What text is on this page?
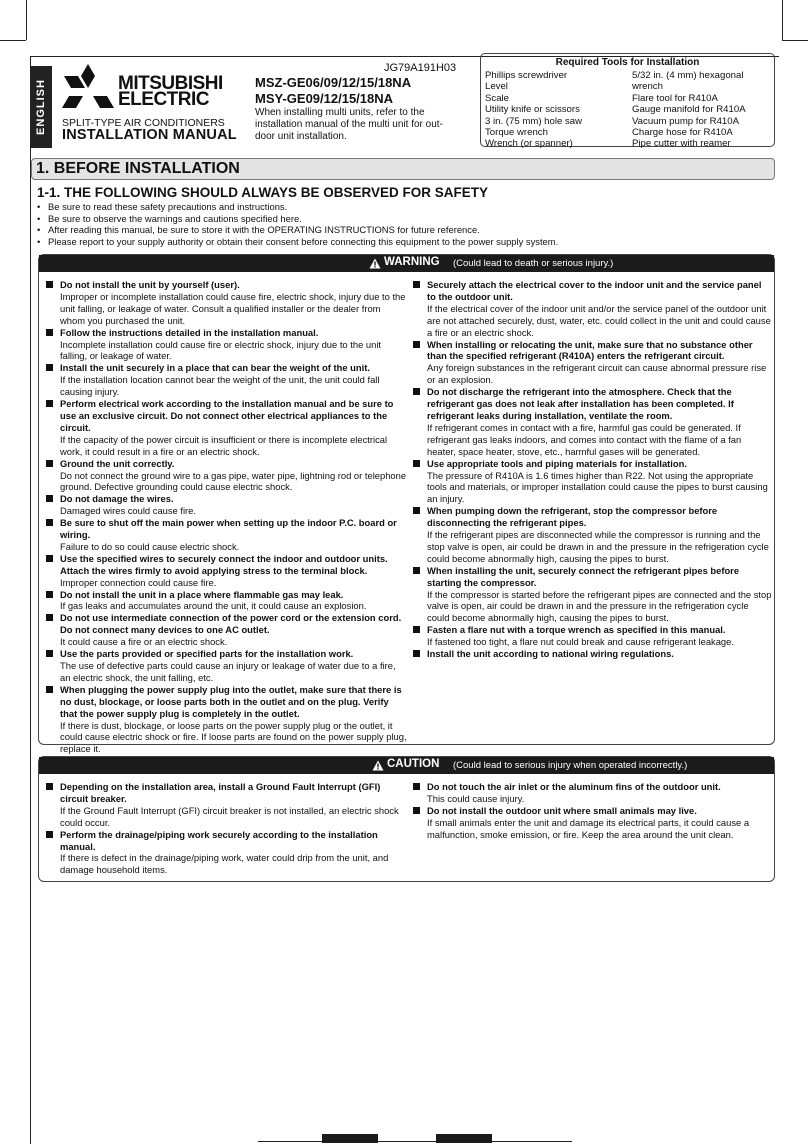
ENGLISH	MITSUBISHI
ELECTRIC
SPLIT-TYPE AIR CONDITIONERS
INSTALLATION MANUAL
JG79A191H03
MSZ-GE06/09/12/15/18NA
MSY-GE09/12/15/18NA
When installing multi units, refer to the installation manual of the multi unit for out-door unit installation.
Required Tools for Installation
Phillips screwdriver
Level
Scale
Utility knife or scissors
3 in. (75 mm) hole saw
Torque wrench
Wrench (or spanner)
5/32 in. (4 mm) hexagonal wrench
Flare tool for R410A
Gauge manifold for R410A
Vacuum pump for R410A
Charge hose for R410A
Pipe cutter with reamer
1. BEFORE INSTALLATION
1-1. THE FOLLOWING SHOULD ALWAYS BE OBSERVED FOR SAFETY
• Be sure to read these safety precautions and instructions.
• Be sure to observe the warnings and cautions specified here.
• After reading this manual, be sure to store it with the OPERATING INSTRUCTIONS for future reference.
• Please report to your supply authority or obtain their consent before connecting this equipment to the power supply system.
WARNING (Could lead to death or serious injury.)
Do not install the unit by yourself (user).
Improper or incomplete installation could cause fire, electric shock, injury due to the unit falling, or leakage of water. Consult a qualified installer or the dealer from whom you purchased the unit.
Follow the instructions detailed in the installation manual.
Incomplete installation could cause fire or electric shock, injury due to the unit falling, or leakage of water.
Install the unit securely in a place that can bear the weight of the unit.
If the installation location cannot bear the weight of the unit, the unit could fall causing injury.
Perform electrical work according to the installation manual and be sure to use an exclusive circuit. Do not connect other electrical appliances to the circuit.
If the capacity of the power circuit is insufficient or there is incomplete electrical work, it could result in a fire or an electric shock.
Ground the unit correctly.
Do not connect the ground wire to a gas pipe, water pipe, lightning rod or telephone ground. Defective grounding could cause electric shock.
Do not damage the wires.
Damaged wires could cause fire.
Be sure to shut off the main power when setting up the indoor P.C. board or wiring.
Failure to do so could cause electric shock.
Use the specified wires to securely connect the indoor and outdoor units. Attach the wires firmly to avoid applying stress to the terminal block.
Improper connection could cause fire.
Do not install the unit in a place where flammable gas may leak.
If gas leaks and accumulates around the unit, it could cause an explosion.
Do not use intermediate connection of the power cord or the extension cord. Do not connect many devices to one AC outlet.
It could cause a fire or an electric shock.
Use the parts provided or specified parts for the installation work.
The use of defective parts could cause an injury or leakage of water due to a fire, an electric shock, the unit falling, etc.
When plugging the power supply plug into the outlet, make sure that there is no dust, blockage, or loose parts both in the outlet and on the plug. Verify that the power supply plug is completely in the outlet.
If there is dust, blockage, or loose parts on the power supply plug or the outlet, it could cause electric shock or fire. If loose parts are found on the power supply plug, replace it.
Securely attach the electrical cover to the indoor unit and the service panel to the outdoor unit.
If the electrical cover of the indoor unit and/or the service panel of the outdoor unit are not attached securely, dust, water, etc. could collect in the unit and could cause a fire or an electric shock.
When installing or relocating the unit, make sure that no substance other than the specified refrigerant (R410A) enters the refrigerant circuit.
Any foreign substances in the refrigerant circuit can cause abnormal pressure rise or an explosion.
Do not discharge the refrigerant into the atmosphere. Check that the refrigerant gas does not leak after installation has been completed. If refrigerant leaks during installation, ventilate the room.
If refrigerant comes in contact with a fire, harmful gas could be generated. If refrigerant gas leaks indoors, and comes into contact with the flame of a fan heater, space heater, stove, etc., harmful gases will be generated.
Use appropriate tools and piping materials for installation.
The pressure of R410A is 1.6 times higher than R22. Not using the appropriate tools and materials, or improper installation could cause the pipes to burst causing an injury.
When pumping down the refrigerant, stop the compressor before disconnecting the refrigerant pipes.
If the refrigerant pipes are disconnected while the compressor is running and the stop valve is open, air could be drawn in and the pressure in the refrigeration cycle could become abnormally high, causing the pipes to burst.
When installing the unit, securely connect the refrigerant pipes before starting the compressor.
If the compressor is started before the refrigerant pipes are connected and the stop valve is open, air could be drawn in and the pressure in the refrigeration cycle could become abnormally high, causing the pipes to burst.
Fasten a flare nut with a torque wrench as specified in this manual.
If fastened too tight, a flare nut could break and cause refrigerant leakage.
Install the unit according to national wiring regulations.
CAUTION (Could lead to serious injury when operated incorrectly.)
Depending on the installation area, install a Ground Fault Interrupt (GFI) circuit breaker.
If the Ground Fault Interrupt (GFI) circuit breaker is not installed, an electric shock could occur.
Perform the drainage/piping work securely according to the installation manual.
If there is defect in the drainage/piping work, water could drip from the unit, and damage household items.
Do not touch the air inlet or the aluminum fins of the outdoor unit.
This could cause injury.
Do not install the outdoor unit where small animals may live.
If small animals enter the unit and damage its electrical parts, it could cause a malfunction, smoke emission, or fire. Keep the area around the unit clean.
